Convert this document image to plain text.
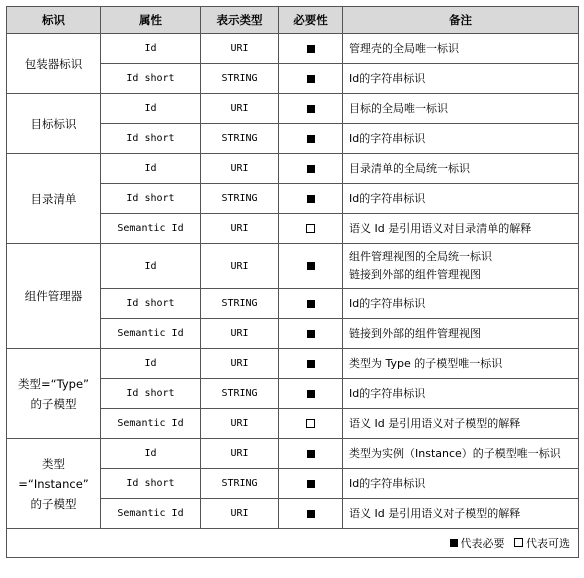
标识	属性	表示类型	必要性	备注

包装器标识	Id	URI		管理壳的全局唯一标识

	Id short	STRING		Id的字符串标识

目标标识	Id	URI		目标的全局唯一标识

	Id short	STRING		Id的字符串标识

目录清单	Id	URI		目录清单的全局统一标识

	Id short	STRING		Id的字符串标识

	Semantic Id	URI		语义 Id 是引用语义对目录清单的解释

组件管理器	Id	URI		组件管理视图的全局统一标识
链接到外部的组件管理视图

	Id short	STRING		Id的字符串标识

	Semantic Id	URI		链接到外部的组件管理视图

类型=“Type”
的子模型	Id	URI		类型为 Type 的子模型唯一标识

	Id short	STRING		Id的字符串标识

	Semantic Id	URI		语义 Id 是引用语义对子模型的解释

类型
=“Instance”
的子模型	Id	URI		类型为实例（Instance）的子模型唯一标识

	Id short	STRING		Id的字符串标识

	Semantic Id	URI		语义 Id 是引用语义对子模型的解释

代表必要
代表可选				
